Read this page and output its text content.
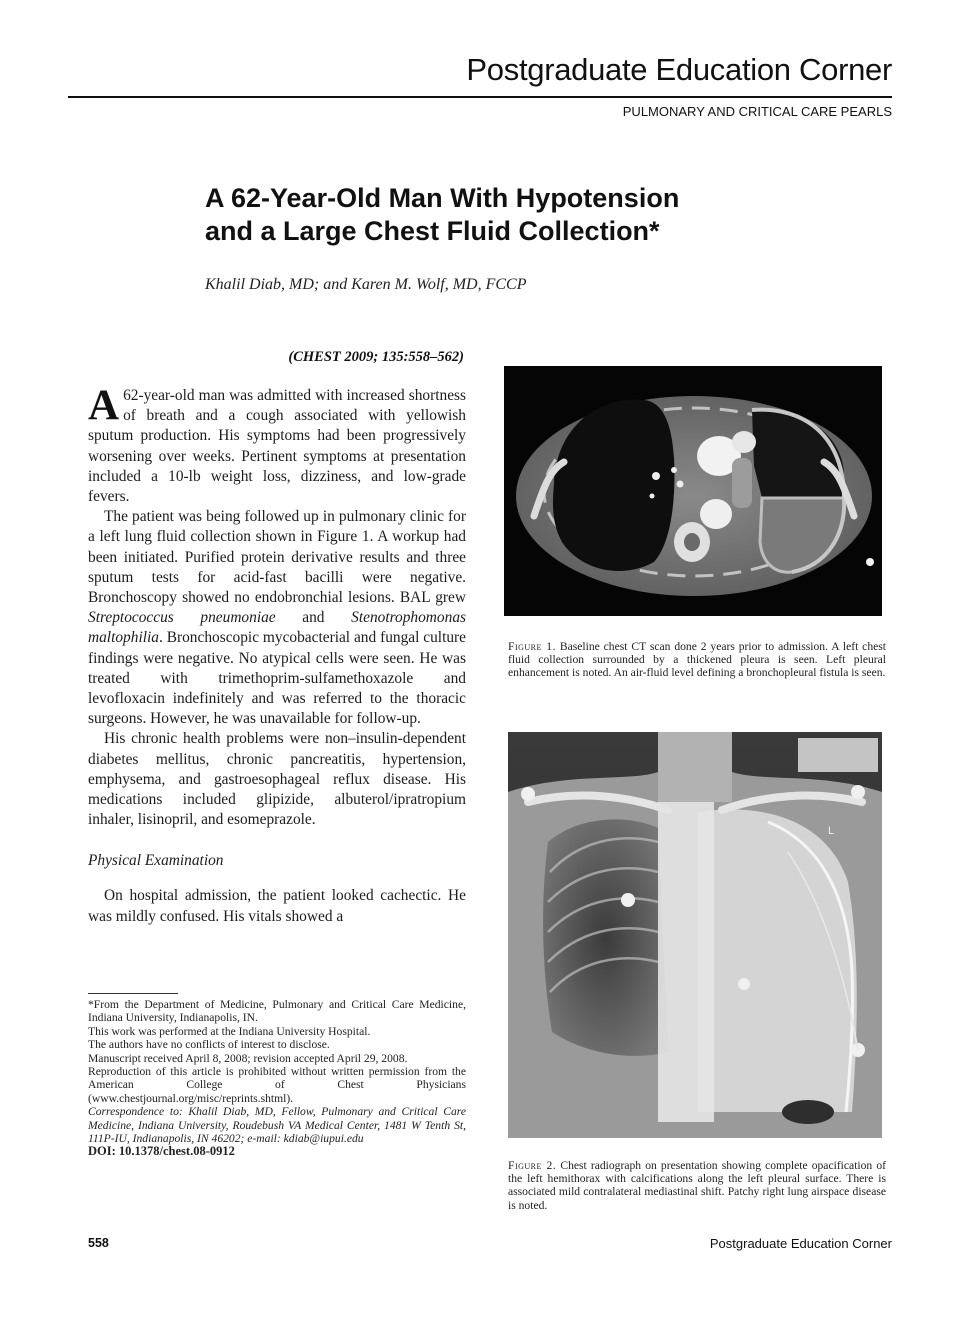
Postgraduate Education Corner

PULMONARY AND CRITICAL CARE PEARLS

A 62-Year-Old Man With Hypotension
and a Large Chest Fluid Collection*

Khalil Diab, MD; and Karen M. Wolf, MD, FCCP

(CHEST 2009; 135:558–562)

A 62-year-old man was admitted with increased shortness of breath and a cough associated with yellowish sputum production. His symptoms had been progressively worsening over weeks. Pertinent symptoms at presentation included a 10-lb weight loss, dizziness, and low-grade fevers.

The patient was being followed up in pulmonary clinic for a left lung fluid collection shown in Figure 1. A workup had been initiated. Purified protein derivative results and three sputum tests for acid-fast bacilli were negative. Bronchoscopy showed no endobronchial lesions. BAL grew Streptococcus pneumoniae and Stenotrophomonas maltophilia. Bronchoscopic mycobacterial and fungal culture findings were negative. No atypical cells were seen. He was treated with trimethoprim-sulfamethoxazole and levofloxacin indefinitely and was referred to the thoracic surgeons. However, he was unavailable for follow-up.

His chronic health problems were non–insulin-dependent diabetes mellitus, chronic pancreatitis, hypertension, emphysema, and gastroesophageal reflux disease. His medications included glipizide, albuterol/ipratropium inhaler, lisinopril, and esomeprazole.

Physical Examination

On hospital admission, the patient looked cachectic. He was mildly confused. His vitals showed a

*From the Department of Medicine, Pulmonary and Critical Care Medicine, Indiana University, Indianapolis, IN.

This work was performed at the Indiana University Hospital.

The authors have no conflicts of interest to disclose.

Manuscript received April 8, 2008; revision accepted April 29, 2008.

Reproduction of this article is prohibited without written permission from the American College of Chest Physicians (www.chestjournal.org/misc/reprints.shtml).

Correspondence to: Khalil Diab, MD, Fellow, Pulmonary and Critical Care Medicine, Indiana University, Roudebush VA Medical Center, 1481 W Tenth St, 111P-IU, Indianapolis, IN 46202; e-mail: kdiab@iupui.edu

DOI: 10.1378/chest.08-0912

Figure 1. Baseline chest CT scan done 2 years prior to admission. A left chest fluid collection surrounded by a thickened pleura is seen. Left pleural enhancement is noted. An air-fluid level defining a bronchopleural fistula is seen.

L

Figure 2. Chest radiograph on presentation showing complete opacification of the left hemithorax with calcifications along the left pleural surface. There is associated mild contralateral mediastinal shift. Patchy right lung airspace disease is noted.

558	Postgraduate Education Corner
